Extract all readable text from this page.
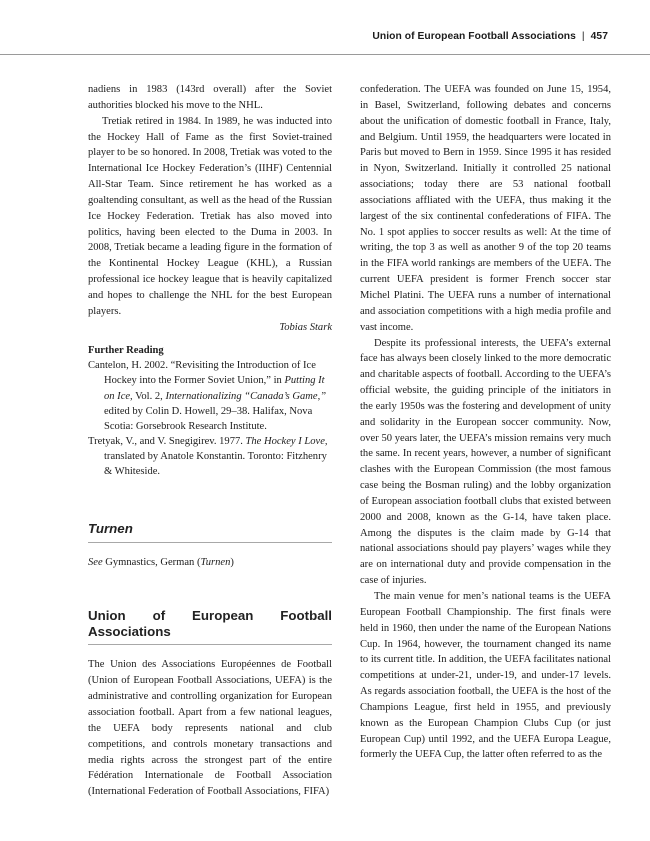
Union of European Football Associations | 457

nadiens in 1983 (143rd overall) after the Soviet authorities blocked his move to the NHL.

Tretiak retired in 1984. In 1989, he was inducted into the Hockey Hall of Fame as the first Soviet-trained player to be so honored. In 2008, Tretiak was voted to the International Ice Hockey Federation’s (IIHF) Centennial All-Star Team. Since retirement he has worked as a goaltending consultant, as well as the head of the Russian Ice Hockey Federation. Tretiak has also moved into politics, having been elected to the Duma in 2003. In 2008, Tretiak became a leading figure in the formation of the Kontinental Hockey League (KHL), a Russian professional ice hockey league that is heavily capitalized and hopes to challenge the NHL for the best European players.

Tobias Stark

Further Reading

Cantelon, H. 2002. “Revisiting the Introduction of Ice Hockey into the Former Soviet Union,” in Putting It on Ice, Vol. 2, Internationalizing “Canada’s Game,” edited by Colin D. Howell, 29–38. Halifax, Nova Scotia: Gorsebrook Research Institute.

Tretyak, V., and V. Snegigirev. 1977. The Hockey I Love, translated by Anatole Konstantin. Toronto: Fitzhenry & Whiteside.

Turnen

See Gymnastics, German (Turnen)

Union of European Football Associations

The Union des Associations Européennes de Football (Union of European Football Associations, UEFA) is the administrative and controlling organization for European association football. Apart from a few national leagues, the UEFA body represents national and club competitions, and controls monetary transactions and media rights across the strongest part of the entire Fédération Internationale de Football Association (International Federation of Football Associations, FIFA)

confederation. The UEFA was founded on June 15, 1954, in Basel, Switzerland, following debates and concerns about the unification of domestic football in France, Italy, and Belgium. Until 1959, the headquarters were located in Paris but moved to Bern in 1959. Since 1995 it has resided in Nyon, Switzerland. Initially it controlled 25 national associations; today there are 53 national football associations affliated with the UEFA, thus making it the largest of the six continental confederations of FIFA. The No. 1 spot applies to soccer results as well: At the time of writing, the top 3 as well as another 9 of the top 20 teams in the FIFA world rankings are members of the UEFA. The current UEFA president is former French soccer star Michel Platini. The UEFA runs a number of international and association competitions with a high media profile and vast income.

Despite its professional interests, the UEFA’s external face has always been closely linked to the more democratic and charitable aspects of football. According to the UEFA’s official website, the guiding principle of the initiators in the early 1950s was the fostering and development of unity and solidarity in the European soccer community. Now, over 50 years later, the UEFA’s mission remains very much the same. In recent years, however, a number of significant clashes with the European Commission (the most famous case being the Bosman ruling) and the lobby organization of European association football clubs that existed between 2000 and 2008, known as the G-14, have taken place. Among the disputes is the claim made by G-14 that national associations should pay players’ wages while they are on international duty and provide compensation in the case of injuries.

The main venue for men’s national teams is the UEFA European Football Championship. The first finals were held in 1960, then under the name of the European Nations Cup. In 1964, however, the tournament changed its name to its current title. In addition, the UEFA facilitates national competitions at under-21, under-19, and under-17 levels. As regards association football, the UEFA is the host of the Champions League, first held in 1955, and previously known as the European Champion Clubs Cup (or just European Cup) until 1992, and the UEFA Europa League, formerly the UEFA Cup, the latter often referred to as the
